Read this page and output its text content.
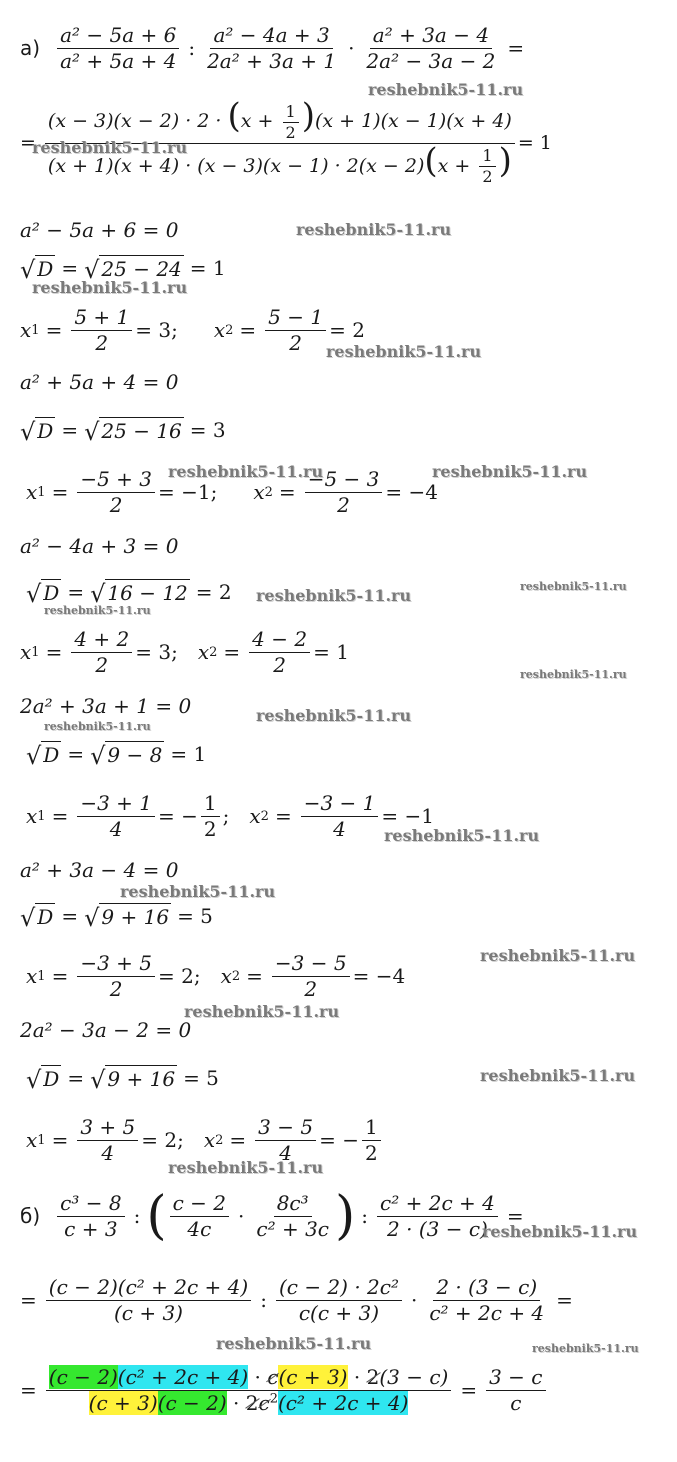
$а) \frac{\text{a² − 5a + 6}}{\text{a² + 5a + 4}}$ : $\frac{\text{a² − 4a + 3}}{\text{2a² + 3a + 1}} \cdot \frac{\text{a² + 3a − 4}}{\text{2a² − 3a − 2}}$ =
= $\frac{(x - 3)(x - 2) \cdot 2 \cdot (x + \frac{1}{2} )(x + 1)(x - 1)(x + 4)}{(x + 1)(x + 4) \cdot (x - 3)(x - 1) \cdot 2(x - 2)(x + \frac{1}{2} )} = 1$
a² − 5a + 6 = 0
√ D = √ 25 − 24 = 1
x $1 = \frac{5 + 1}{2} = 3$; x $2 = \frac{5 - 1}{2} = 2$
a² + 5a + 4 = 0
√ D = √ 25 − 16 = 3
x $1 = \frac{-5 + 3}{2} = -1$; x $2 = \frac{-5 - 3}{2} = -4$
a² − 4a + 3 = 0
√ D = √ 16 − 12 = 2
x $1 = \frac{4 + 2}{2} = 3$; x $2 = \frac{4 - 2}{2} = 1$
2a² + 3a + 1 = 0
√ D = √ 9 − 8 = 1
x $1 = \frac{-3 + 1}{4}$ = − $\frac{1}{2}$ ; x $2 = \frac{-3 - 1}{4} = -1$
a² + 3a − 4 = 0
√ D = √ 9 + 16 = 5
x $1 = \frac{-3 + 5}{2} = 2$; x $2 = \frac{-3 - 5}{2} = -4$
2a² − 3a − 2 = 0
√ D = √ 9 + 16 = 5
x $1 = \frac{3 + 5}{4} = 2$; x $2 = \frac{3 - 5}{4}$ = − $\frac{1}{2}$
$б) \frac{\text{c³ − 8}}{c + 3}$ : ( $\frac{c - 2}{4c} \cdot \frac{\text{8c³}}{\text{c² + 3c}}$ ) : $\frac{\text{c² + 2c + 4}}{2 \cdot (3 - c)}$ =
= $\frac{\text{(c − 2)(c² + 2c + 4)}}{(c + 3)}$ : $\frac{\text{(c − 2) · 2c²}}{c(c + 3)} \cdot \frac{2 \cdot (3 - c)}{\text{c² + 2c + 4}}$ =
= $\frac{\text{(c − 2)(c² + 2c + 4) · c(c + 3) · 2(3 − c)}}{(c + 3)(c - 2) \cdot 2c^2(c^2 + 2c + 4)} = \frac{3 - c}{c}$
reshebnik5-11.ru
reshebnik5-11.ru
reshebnik5-11.ru
reshebnik5-11.ru
reshebnik5-11.ru
reshebnik5-11.ru	reshebnik5-11.ru
reshebnik5-11.ru	reshebnik5-11.ru
reshebnik5-11.ru
reshebnik5-11.ru
reshebnik5-11.ru
reshebnik5-11.ru
reshebnik5-11.ru
reshebnik5-11.ru
reshebnik5-11.ru
reshebnik5-11.ru
reshebnik5-11.ru
reshebnik5-11.ru
reshebnik5-11.ru
reshebnik5-11.ru	reshebnik5-11.ru
